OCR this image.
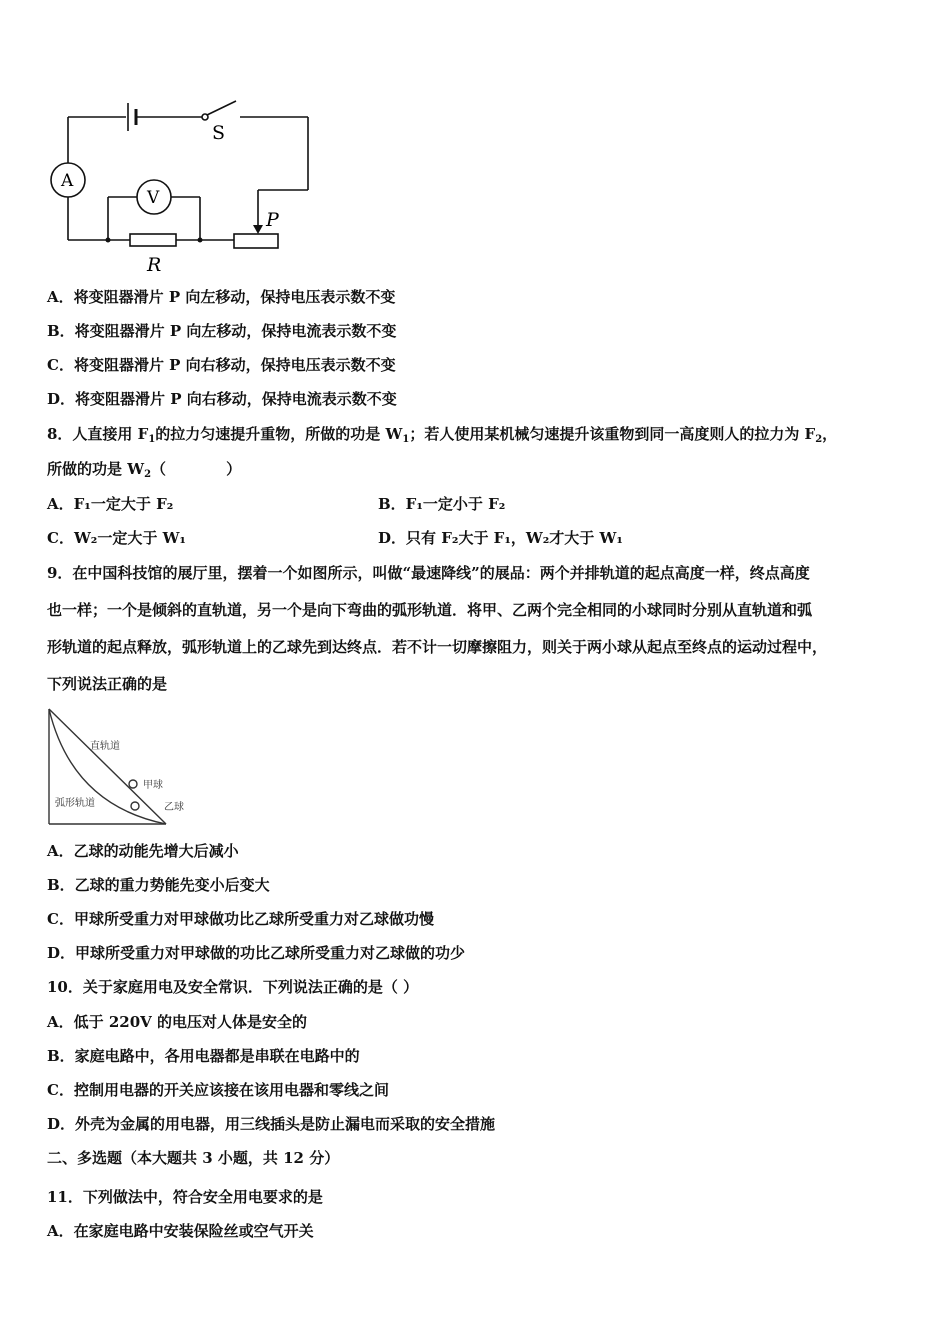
S
A
V
P
R
A．将变阻器滑片 P 向左移动，保持电压表示数不变
B．将变阻器滑片 P 向左移动，保持电流表示数不变
C．将变阻器滑片 P 向右移动，保持电压表示数不变
D．将变阻器滑片 P 向右移动，保持电流表示数不变
8．人直接用 $F_1$的拉力匀速提升重物，所做的功是 $W_1$；若人使用某机械匀速提升该重物到同一高度则人的拉力为 $F_2$，
所做的功是 $W_2$（	）
A．F₁一定大于 F₂	B．F₁一定小于 F₂
C．W₂一定大于 W₁	D．只有 F₂大于 F₁，W₂才大于 W₁
9．在中国科技馆的展厅里，摆着一个如图所示，叫做“最速降线”的展品：两个并排轨道的起点高度一样，终点高度
也一样；一个是倾斜的直轨道，另一个是向下弯曲的弧形轨道．将甲、乙两个完全相同的小球同时分别从直轨道和弧
形轨道的起点释放，弧形轨道上的乙球先到达终点．若不计一切摩擦阻力，则关于两小球从起点至终点的运动过程中，
下列说法正确的是
直轨道
甲球
弧形轨道	乙球
A．乙球的动能先增大后减小
B．乙球的重力势能先变小后变大
C．甲球所受重力对甲球做功比乙球所受重力对乙球做功慢
D．甲球所受重力对甲球做的功比乙球所受重力对乙球做的功少
10．关于家庭用电及安全常识．下列说法正确的是（ ）
A．低于 220V 的电压对人体是安全的
B．家庭电路中，各用电器都是串联在电路中的
C．控制用电器的开关应该接在该用电器和零线之间
D．外壳为金属的用电器，用三线插头是防止漏电而采取的安全措施
二、多选题（本大题共 3 小题，共 12 分）
11．下列做法中，符合安全用电要求的是
A．在家庭电路中安装保险丝或空气开关
